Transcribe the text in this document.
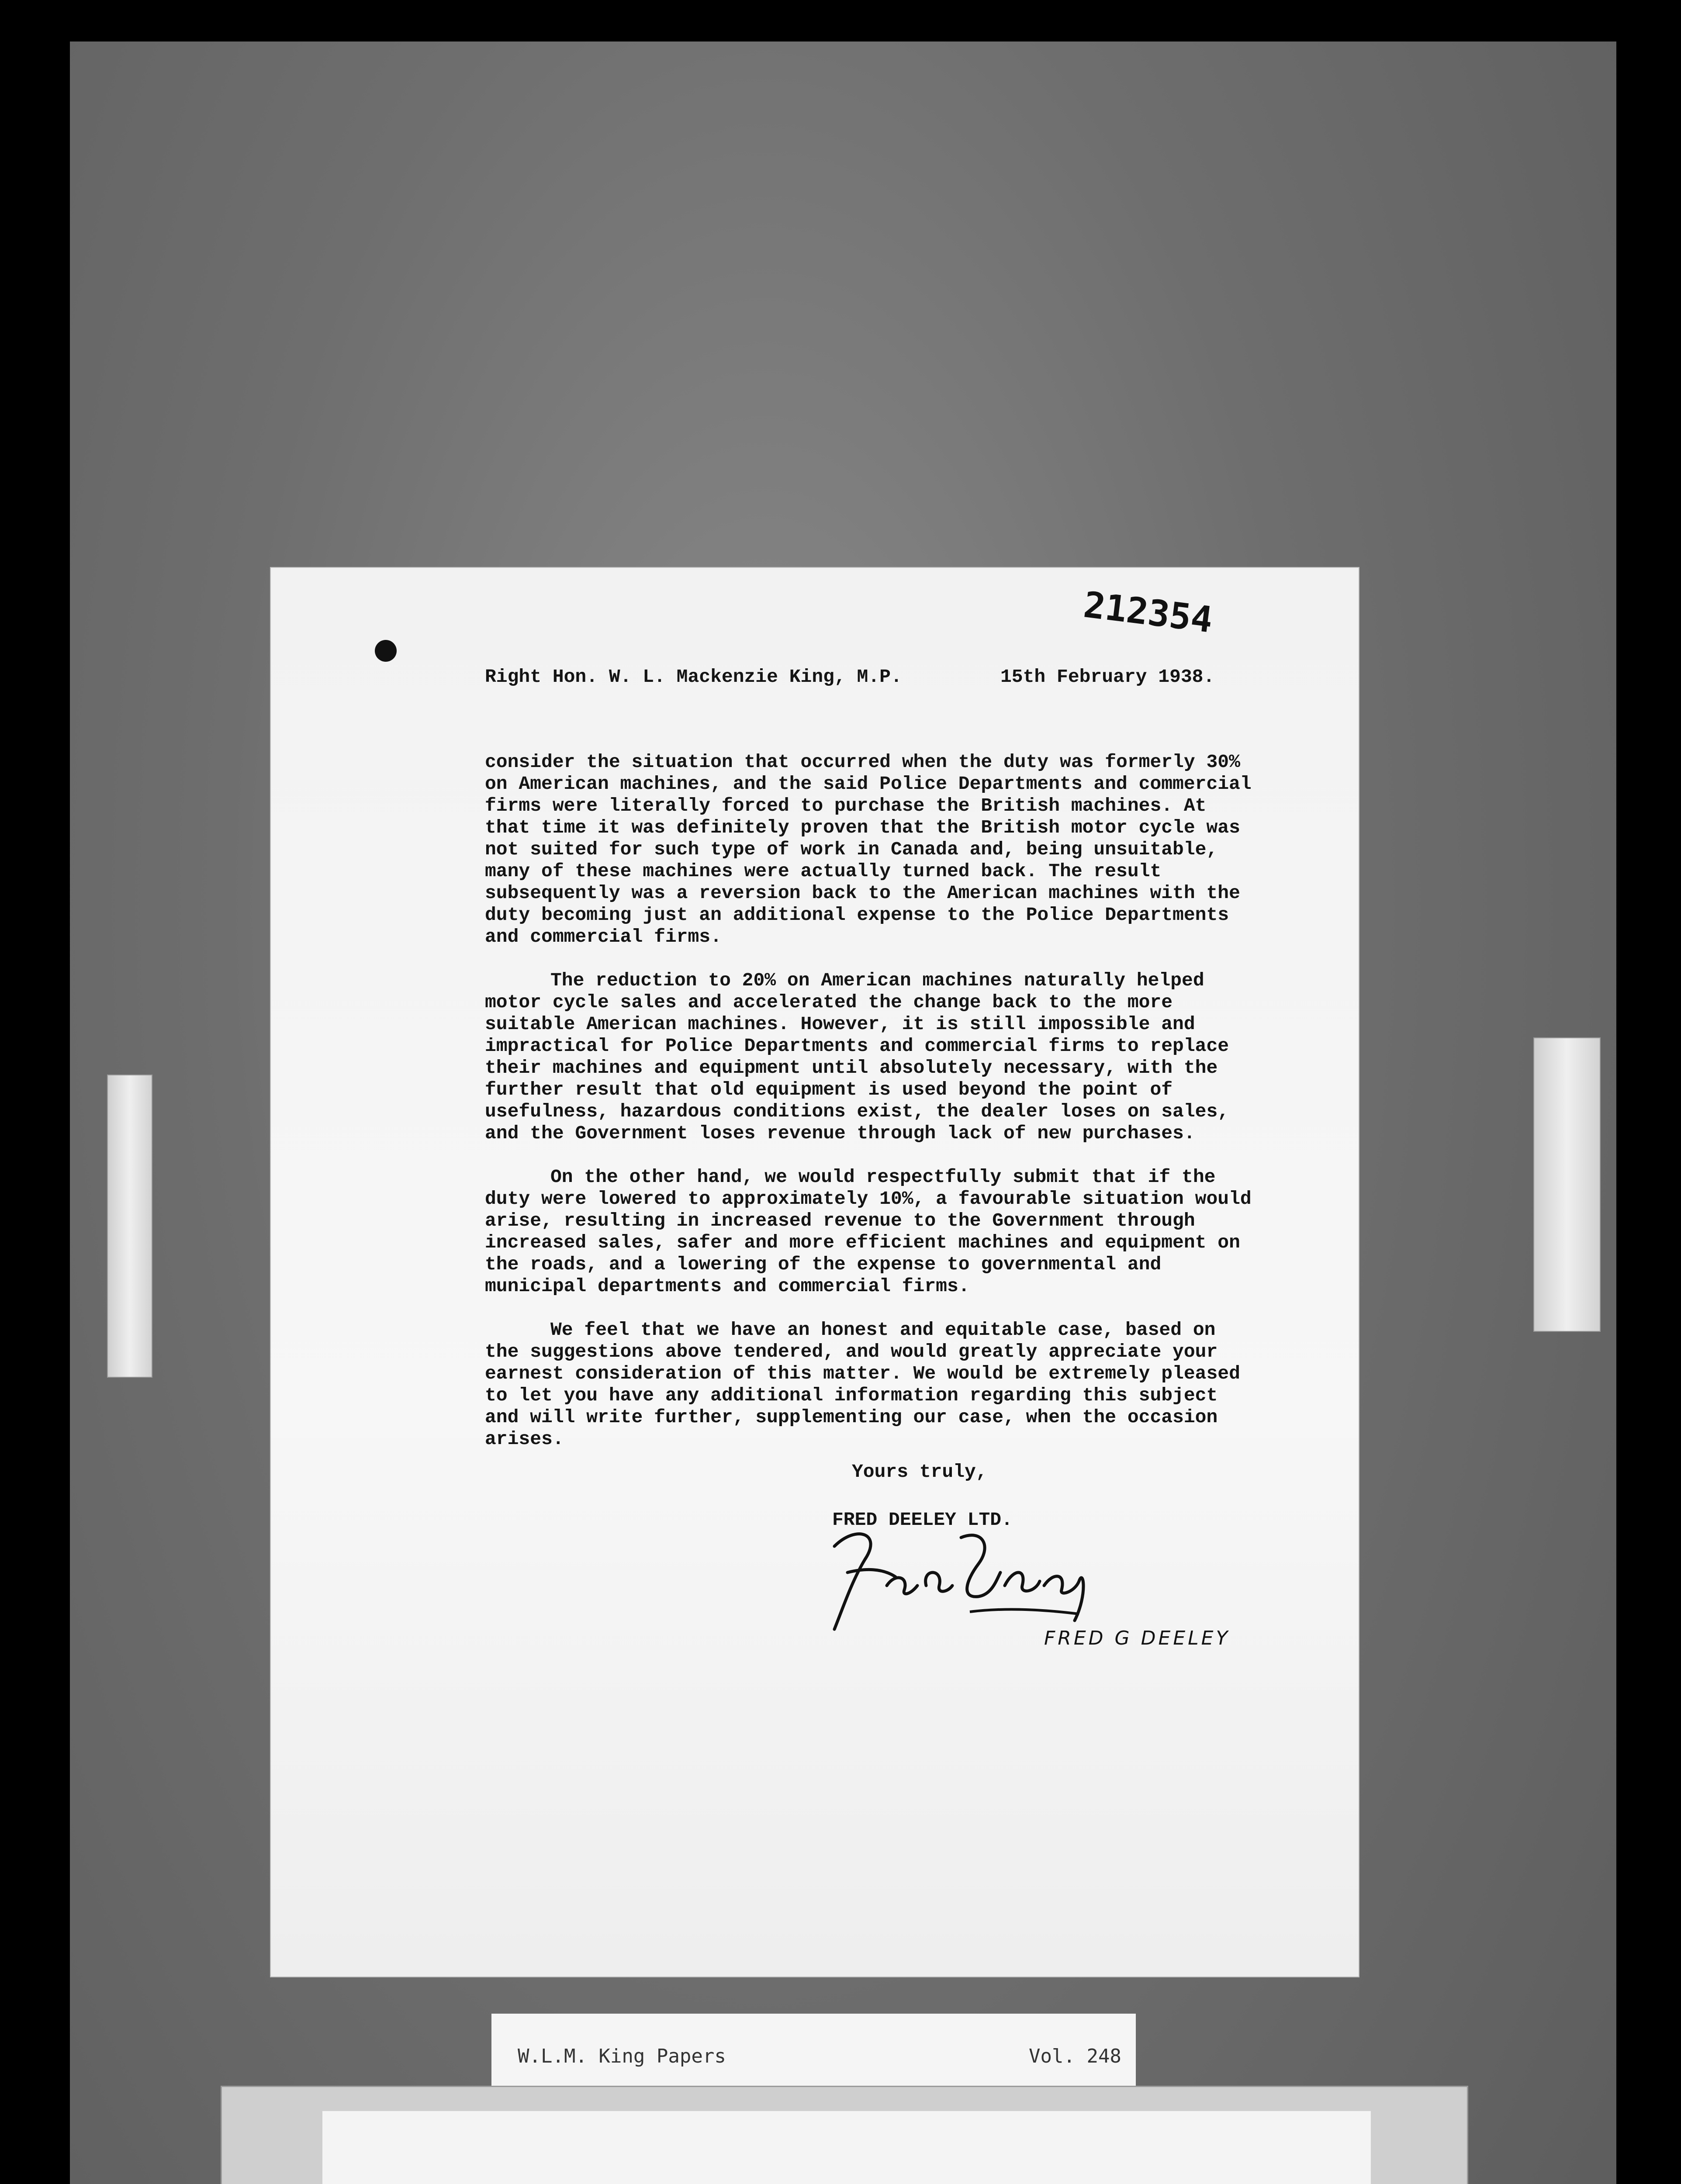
212354
Right Hon. W. L. Mackenzie King, M.P.	15th February 1938.

consider the situation that occurred when the duty was formerly 30% on American machines, and the said Police Departments and commercial firms were literally forced to purchase the British machines. At that time it was definitely proven that the British motor cycle was not suited for such type of work in Canada and, being unsuitable, many of these machines were actually turned back. The result subsequently was a reversion back to the American machines with the duty becoming just an additional expense to the Police Departments and commercial firms.

The reduction to 20% on American machines naturally helped motor cycle sales and accelerated the change back to the more suitable American machines. However, it is still impossible and impractical for Police Departments and commercial firms to replace their machines and equipment until absolutely necessary, with the further result that old equipment is used beyond the point of usefulness, hazardous conditions exist, the dealer loses on sales, and the Government loses revenue through lack of new purchases.

On the other hand, we would respectfully submit that if the duty were lowered to approximately 10%, a favourable situation would arise, resulting in increased revenue to the Government through increased sales, safer and more efficient machines and equipment on the roads, and a lowering of the expense to governmental and municipal departments and commercial firms.

We feel that we have an honest and equitable case, based on the suggestions above tendered, and would greatly appreciate your earnest consideration of this matter. We would be extremely pleased to let you have any additional information regarding this subject and will write further, supplementing our case, when the occasion arises.

Yours truly,
FRED DEELEY LTD.
FRED G DEELEY
W.L.M. King Papers	Vol. 248
